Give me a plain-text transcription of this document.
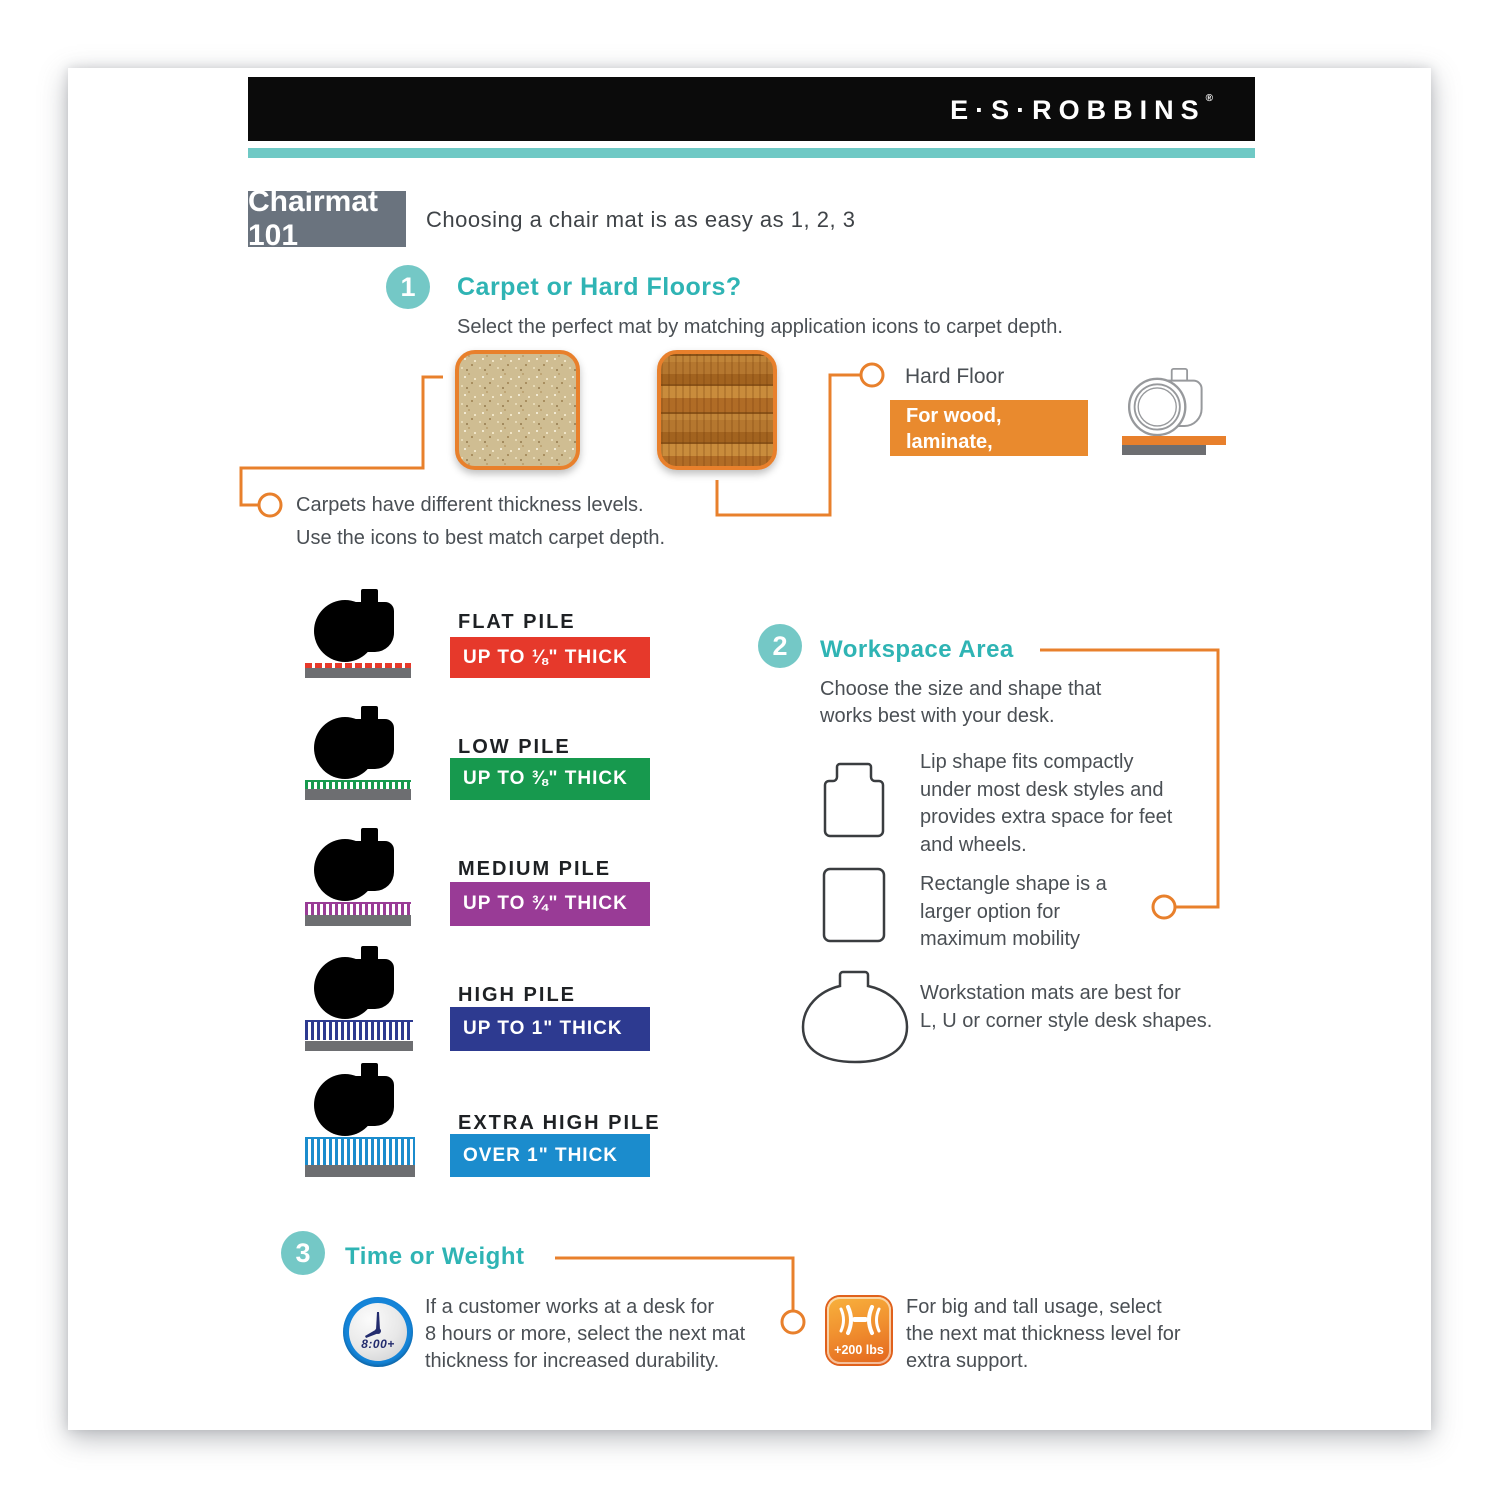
E·S·ROBBINS®
Chairmat 101	Choosing a chair mat is as easy as 1, 2, 3
1 Carpet or Hard Floors?
Select the perfect mat by matching application icons to carpet depth.
Carpets have different thickness levels.
Use the icons to best match carpet depth.
Hard Floor
For wood, laminate,
tile and more.
FLAT PILE
UP TO ⅛" THICK
LOW PILE
UP TO ⅜" THICK
MEDIUM PILE
UP TO ¾" THICK
HIGH PILE
UP TO 1" THICK
EXTRA HIGH PILE
OVER 1" THICK
2 Workspace Area
Choose the size and shape that
works best with your desk.
Lip shape fits compactly
under most desk styles and
provides extra space for feet
and wheels.
Rectangle shape is a
larger option for
maximum mobility
Workstation mats are best for
L, U or corner style desk shapes.
3 Time or Weight
8:00+
If a customer works at a desk for
8 hours or more, select the next mat
thickness for increased durability.	+200 lbs
For big and tall usage, select
the next mat thickness level for
extra support.
